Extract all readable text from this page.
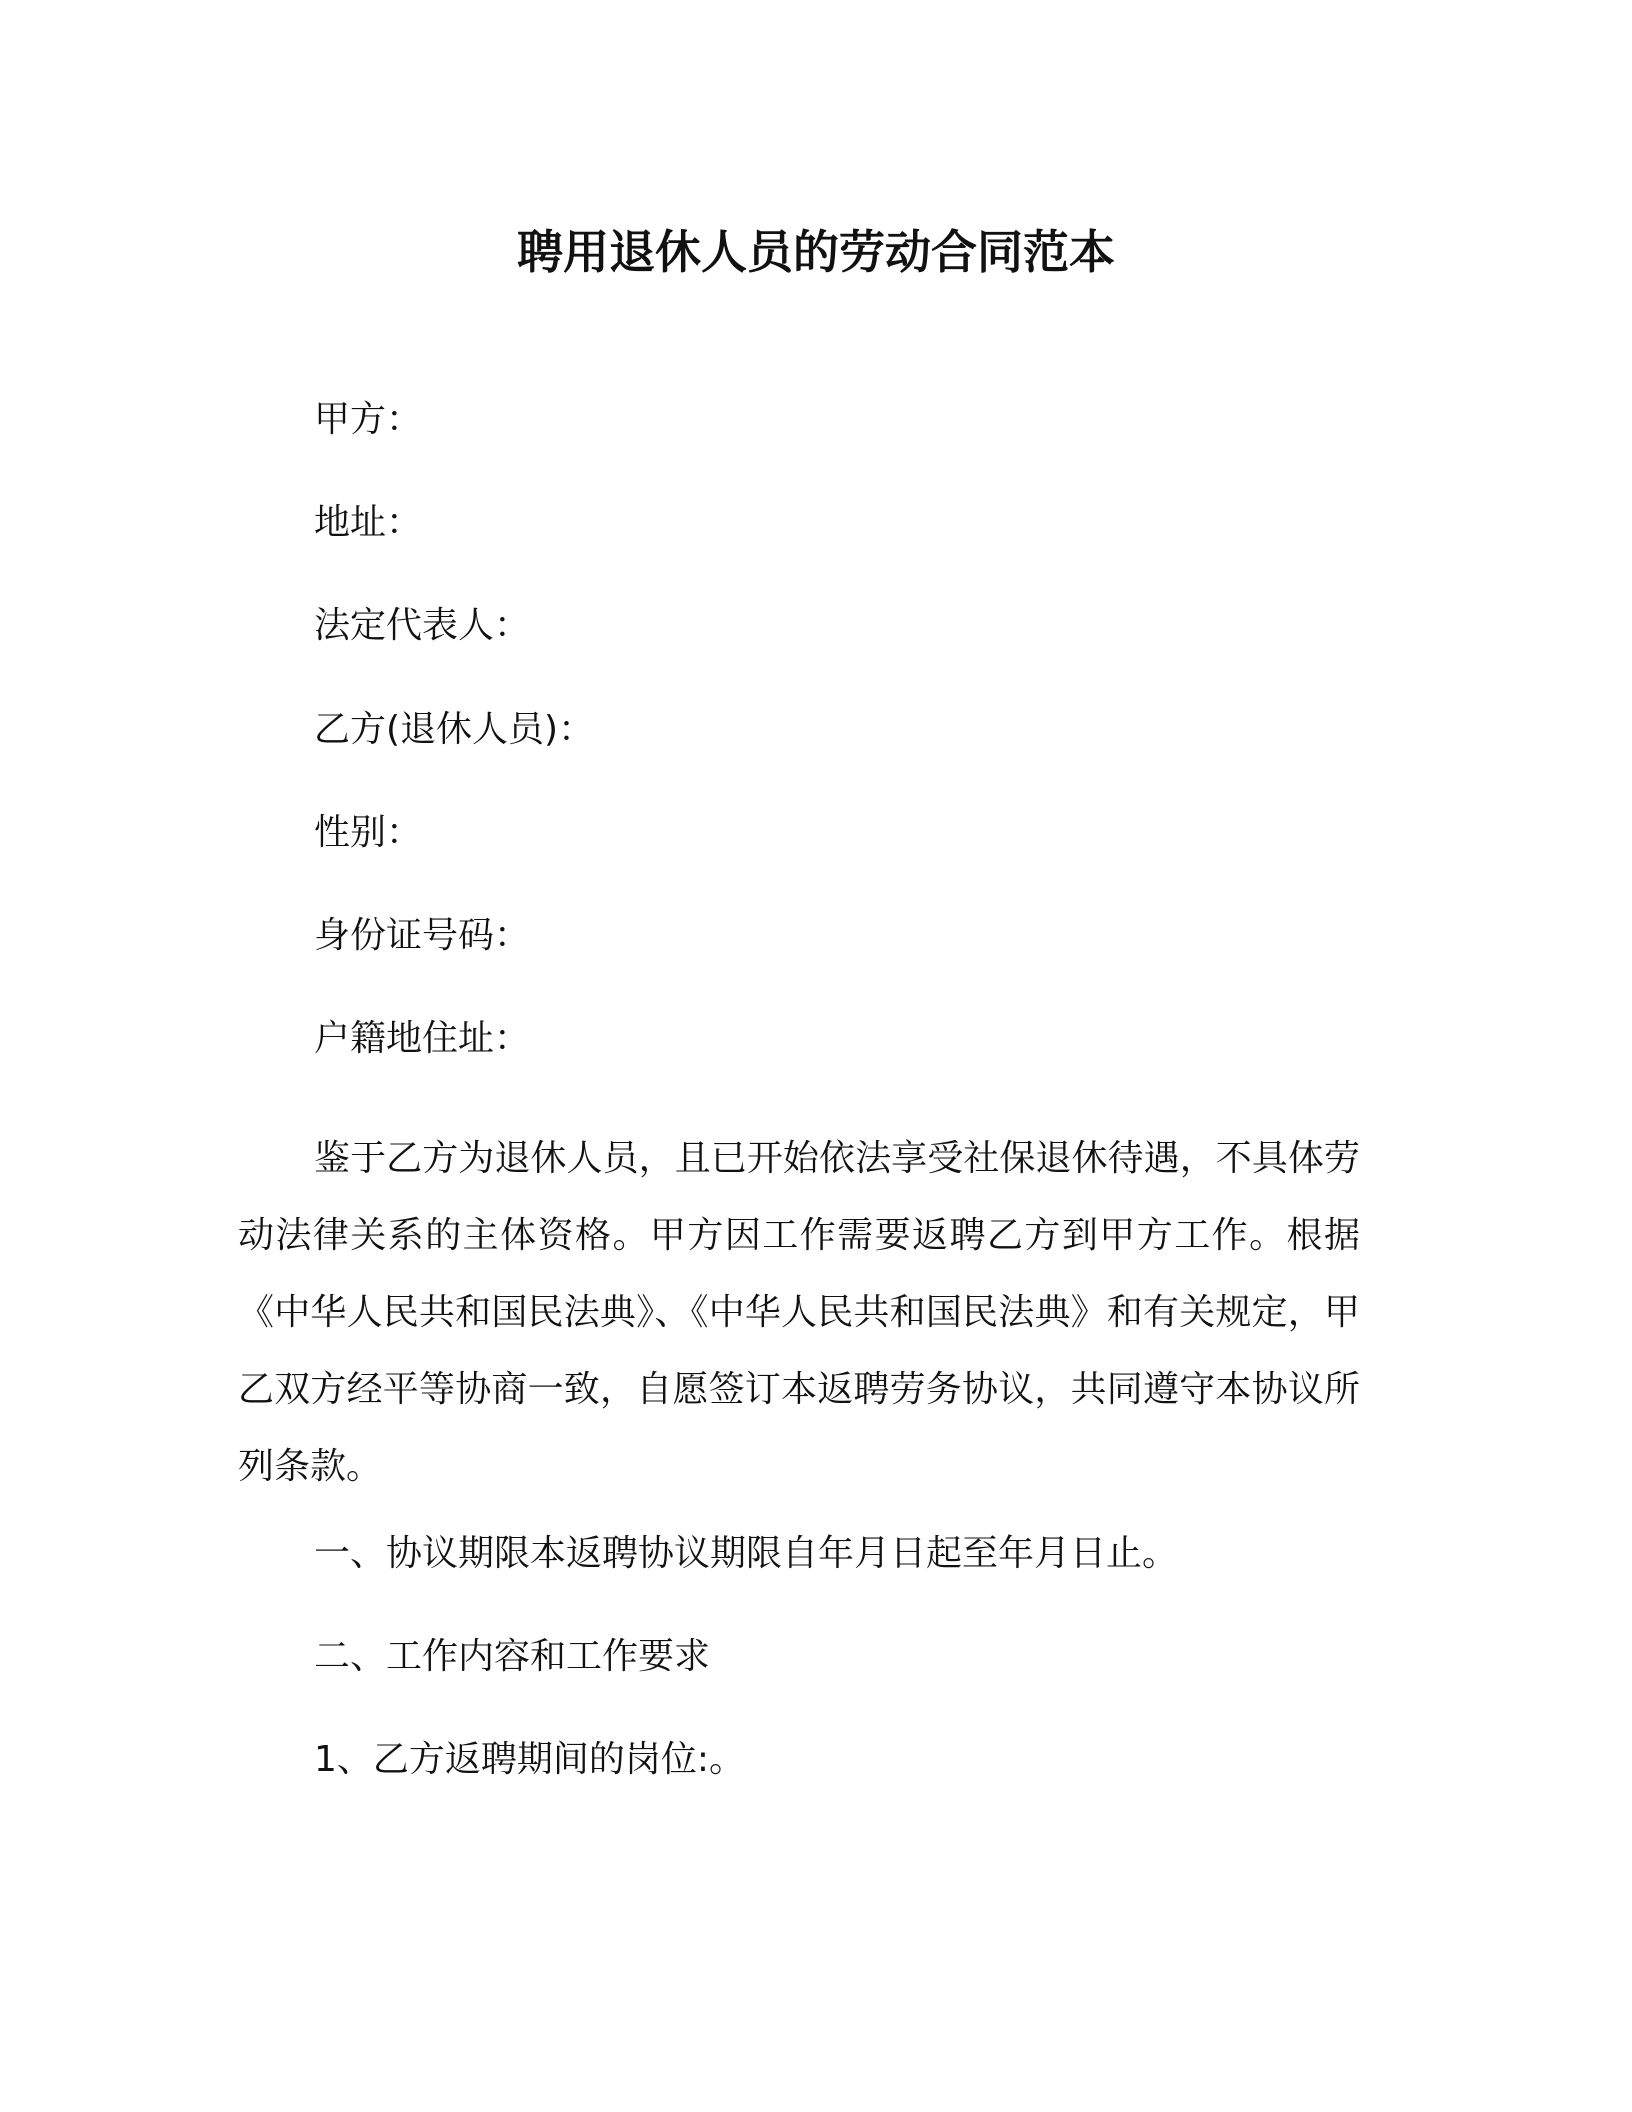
聘用退休人员的劳动合同范本
甲方：
地址：
法定代表人：
乙方(退休人员)：
性别：
身份证号码：
户籍地住址：
鉴于乙方为退休人员，且已开始依法享受社保退休待遇，不具体劳动法律关系的主体资格。甲方因工作需要返聘乙方到甲方工作。根据《中华人民共和国民法典》、《中华人民共和国民法典》和有关规定，甲乙双方经平等协商一致，自愿签订本返聘劳务协议，共同遵守本协议所列条款。
一、协议期限本返聘协议期限自年月日起至年月日止。
二、工作内容和工作要求
1、乙方返聘期间的岗位:。
